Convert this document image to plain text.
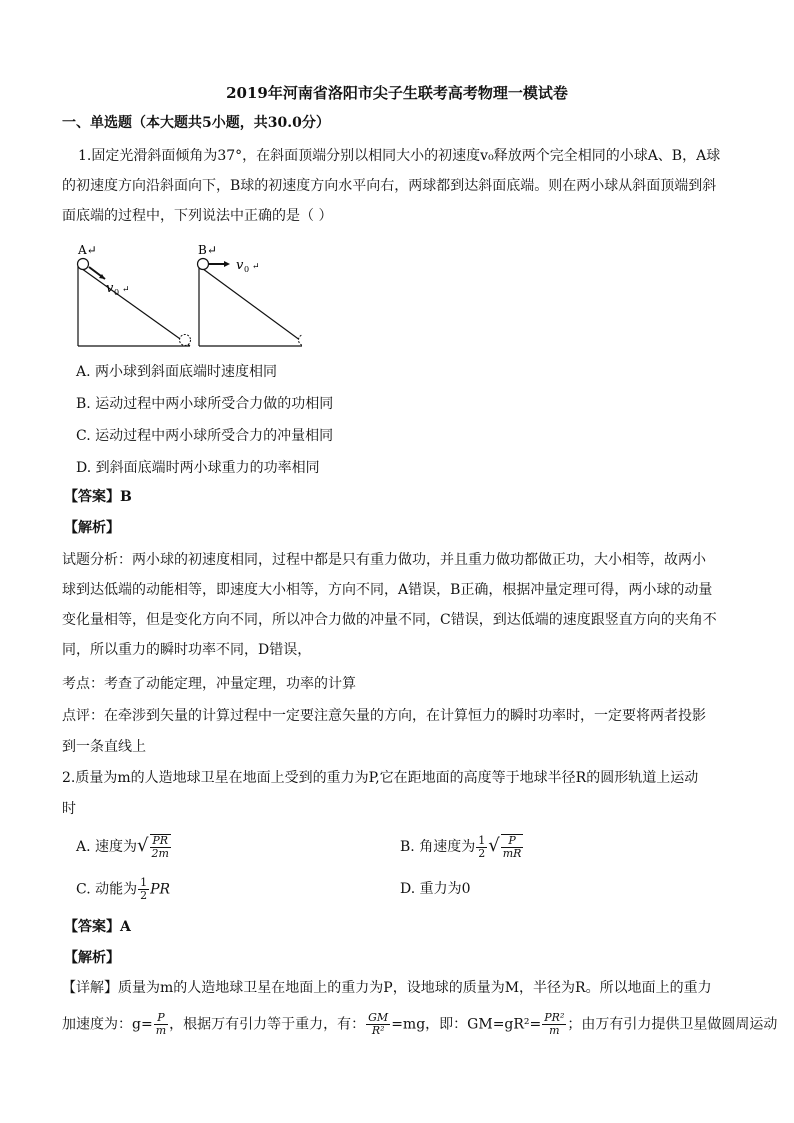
2019年河南省洛阳市尖子生联考高考物理一模试卷
一、单选题（本大题共5小题，共30.0分）
1.固定光滑斜面倾角为37°，在斜面顶端分别以相同大小的初速度v₀释放两个完全相同的小球A、B，A球
的初速度方向沿斜面向下，B球的初速度方向水平向右，两球都到达斜面底端。则在两小球从斜面顶端到斜
面底端的过程中，下列说法中正确的是（ ）
A↵
v 0 ↵
B↵
v 0 ↵
A. 两小球到斜面底端时速度相同
B. 运动过程中两小球所受合力做的功相同
C. 运动过程中两小球所受合力的冲量相同
D. 到斜面底端时两小球重力的功率相同
【答案】B
【解析】
试题分析：两小球的初速度相同，过程中都是只有重力做功，并且重力做功都做正功，大小相等，故两小
球到达低端的动能相等，即速度大小相等，方向不同，A错误，B正确，根据冲量定理可得，两小球的动量
变化量相等，但是变化方向不同，所以冲合力做的冲量不同，C错误，到达低端的速度跟竖直方向的夹角不
同，所以重力的瞬时功率不同，D错误，
考点：考查了动能定理，冲量定理，功率的计算
点评：在牵涉到矢量的计算过程中一定要注意矢量的方向，在计算恒力的瞬时功率时，一定要将两者投影
到一条直线上
2.质量为m的人造地球卫星在地面上受到的重力为P,它在距地面的高度等于地球半径R的圆形轨道上运动
时
A. 速度为√ $\frac{PR}{2m}$	B. 角速度为 $\frac{1}{2}$ √ $\frac{P}{mR}$
C. 动能为 $\frac{1}{2}$ PR	D. 重力为0
【答案】A
【解析】
【详解】质量为m的人造地球卫星在地面上的重力为P，设地球的质量为M，半径为R。所以地面上的重力
加速度为：$g= \frac{P}{m}$ ，根据万有引力等于重力，有： $\frac{GM}{\text{R²}} =mg$，即：$GM=gR^2= \frac{\text{PR²}}{m}$ ；由万有引力提供卫星做圆周运动
